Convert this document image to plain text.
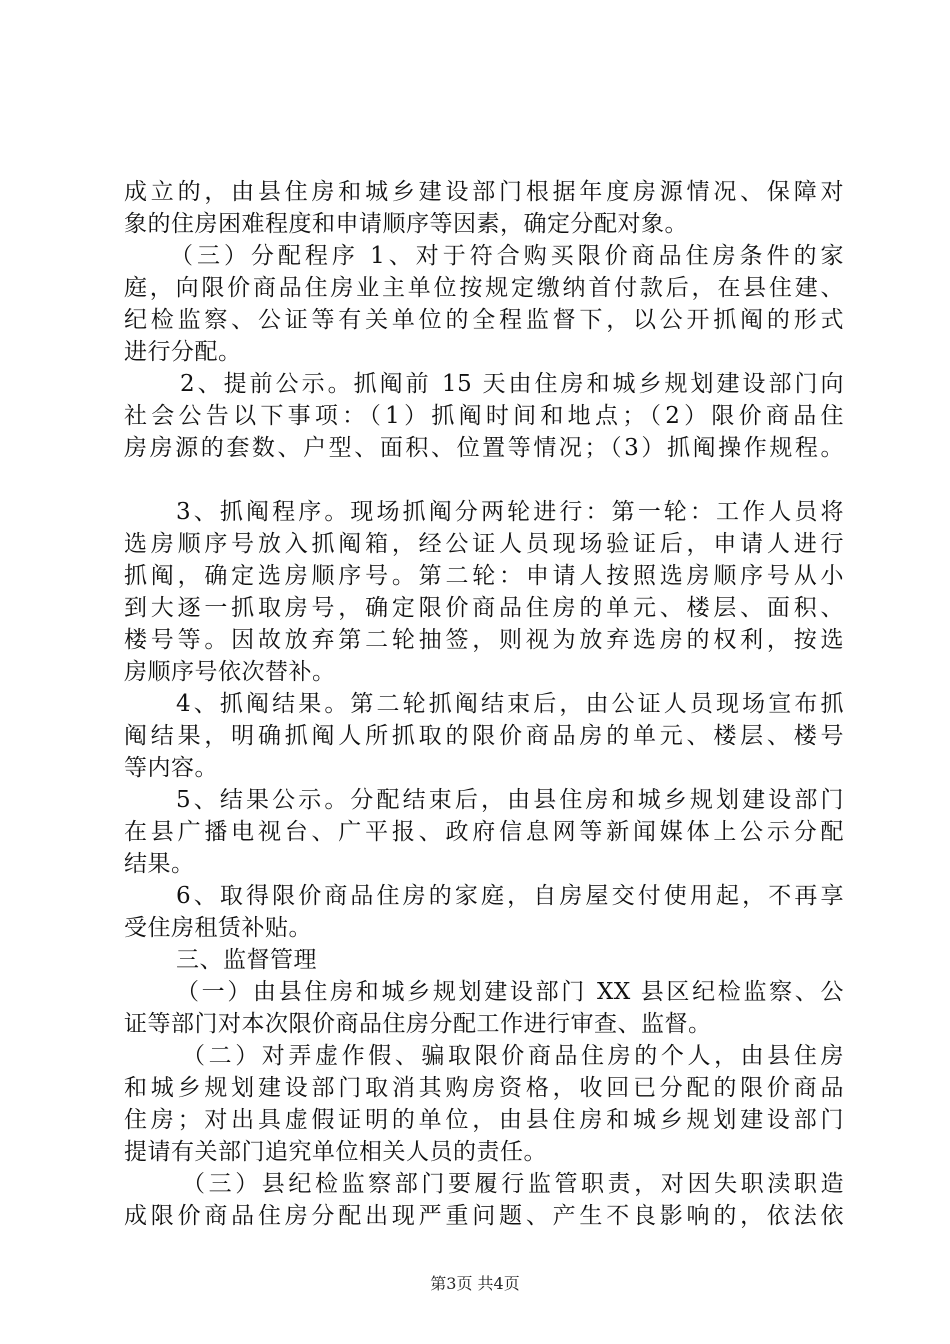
成立的，由县住房和城乡建设部门根据年度房源情况、保障对
象的住房困难程度和申请顺序等因素，确定分配对象。
（三）分配程序 1、对于符合购买限价商品住房条件的家
庭，向限价商品住房业主单位按规定缴纳首付款后，在县住建、
纪检监察、公证等有关单位的全程监督下，以公开抓阄的形式
进行分配。
2、提前公示。抓阄前 15 天由住房和城乡规划建设部门向
社会公告以下事项：（1）抓阄时间和地点；（2）限价商品住
房房源的套数、户型、面积、位置等情况；（3）抓阄操作规程。
3、抓阄程序。现场抓阄分两轮进行：第一轮：工作人员将
选房顺序号放入抓阄箱，经公证人员现场验证后，申请人进行
抓阄，确定选房顺序号。第二轮：申请人按照选房顺序号从小
到大逐一抓取房号，确定限价商品住房的单元、楼层、面积、
楼号等。因故放弃第二轮抽签，则视为放弃选房的权利，按选
房顺序号依次替补。
4、抓阄结果。第二轮抓阄结束后，由公证人员现场宣布抓
阄结果，明确抓阄人所抓取的限价商品房的单元、楼层、楼号
等内容。
5、结果公示。分配结束后，由县住房和城乡规划建设部门
在县广播电视台、广平报、政府信息网等新闻媒体上公示分配
结果。
6、取得限价商品住房的家庭，自房屋交付使用起，不再享
受住房租赁补贴。
三、监督管理
（一）由县住房和城乡规划建设部门 XX 县区纪检监察、公
证等部门对本次限价商品住房分配工作进行审查、监督。
（二）对弄虚作假、骗取限价商品住房的个人，由县住房
和城乡规划建设部门取消其购房资格，收回已分配的限价商品
住房；对出具虚假证明的单位，由县住房和城乡规划建设部门
提请有关部门追究单位相关人员的责任。
（三）县纪检监察部门要履行监管职责，对因失职渎职造
成限价商品住房分配出现严重问题、产生不良影响的，依法依
第3页 共4页
